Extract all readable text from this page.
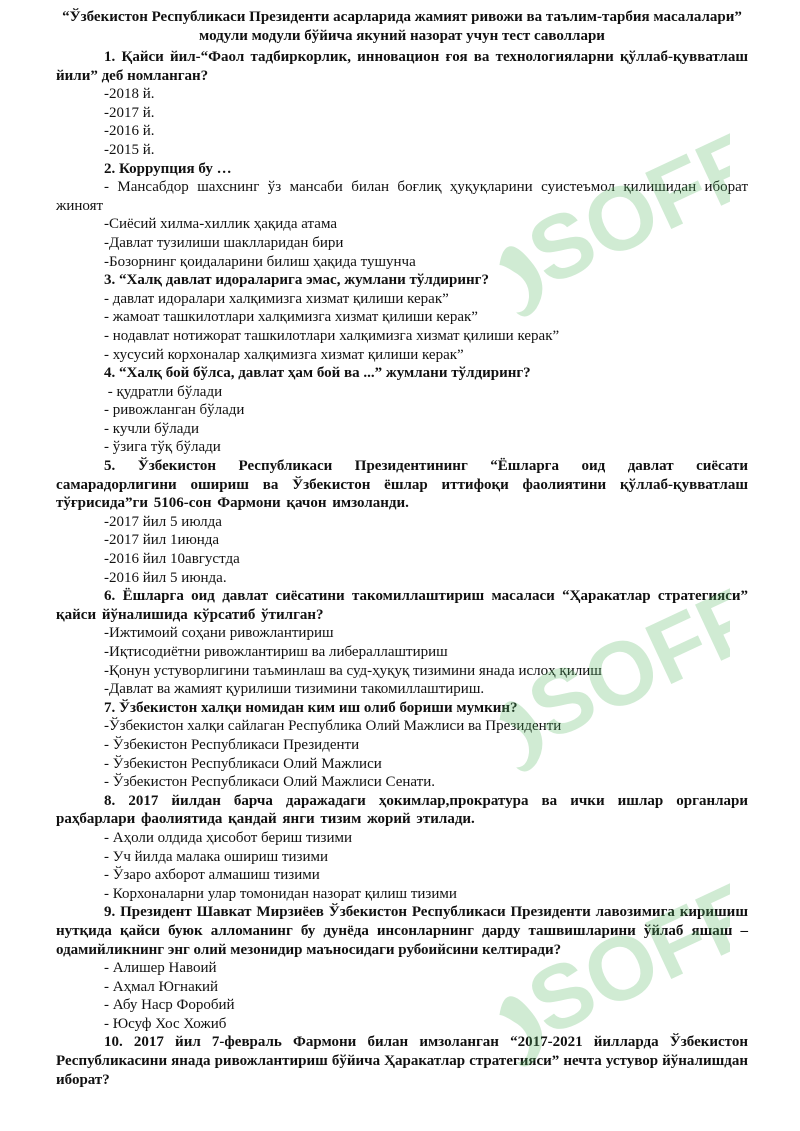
SOFF
SOFF
SOFF

“Ўзбекистон Республикаси Президенти асарларида жамият ривожи ва таълим-тарбия масалалари” модули модули бўйича якуний назорат учун тест саволлари

1. Қайси йил-“Фаол тадбиркорлик, инновацион ғоя ва технологияларни қўллаб-қувватлаш йили” деб номланган?

-2018 й.

-2017 й.

-2016 й.

-2015 й.

2. Коррупция бу …

- Мансабдор шахснинг ўз мансаби билан боғлиқ ҳуқуқларини суистеъмол қилишидан иборат жиноят

-Сиёсий хилма-хиллик ҳақида атама

-Давлат тузилиши шаклларидан бири

-Бозорнинг қоидаларини билиш ҳақида тушунча

3. “Халқ давлат идораларига эмас, жумлани тўлдиринг?

- давлат идоралари халқимизга хизмат қилиши керак”

- жамоат ташкилотлари халқимизга хизмат қилиши керак”

- нодавлат нотижорат ташкилотлари халқимизга хизмат қилиши керак”

- хусусий корхоналар халқимизга хизмат қилиши керак”

4. “Халқ бой бўлса, давлат ҳам бой ва ...” жумлани тўлдиринг?

- қудратли бўлади

- ривожланган бўлади

- кучли бўлади

- ўзига тўқ бўлади

5. Ўзбекистон Республикаси Президентининг “Ёшларга оид давлат сиёсати самарадорлигини ошириш ва Ўзбекистон ёшлар иттифоқи фаолиятини қўллаб-қувватлаш тўғрисида”ги 5106-сон Фармони қачон имзоланди.

-2017 йил 5 июлда

-2017 йил 1июнда

-2016 йил 10августда

-2016 йил 5 июнда.

6. Ёшларга оид давлат сиёсатини такомиллаштириш масаласи “Ҳаракатлар стратегияси” қайси йўналишида кўрсатиб ўтилган?

-Ижтимоий соҳани ривожлантириш

-Иқтисодиётни ривожлантириш ва либераллаштириш

-Қонун устуворлигини таъминлаш ва суд-ҳуқуқ тизимини янада ислоҳ қилиш

-Давлат ва жамият қурилиши тизимини такомиллаштириш.

7. Ўзбекистон халқи номидан ким иш олиб бориши мумкин?

-Ўзбекистон халқи сайлаган Республика Олий Мажлиси ва Президенти

- Ўзбекистон Республикаси Президенти

- Ўзбекистон Республикаси Олий Мажлиси

- Ўзбекистон Республикаси Олий Мажлиси Сенати.

8. 2017 йилдан барча даражадаги ҳокимлар,прократура ва ички ишлар органлари раҳбарлари фаолиятида қандай янги тизим жорий этилади.

- Аҳоли олдида ҳисобот бериш тизими

- Уч йилда малака ошириш тизими

- Ўзаро ахборот алмашиш тизими

- Корхоналарни улар томонидан назорат қилиш тизими

9. Президент Шавкат Мирзиёев Ўзбекистон Республикаси Президенти лавозимига киришиш нутқида қайси буюк алломанинг бу дунёда инсонларнинг дарду ташвишларини ўйлаб яшаш – одамийликнинг энг олий мезонидир маъносидаги рубоийсини келтиради?

- Алишер Навоий

- Аҳмал Югнакий

- Абу Наср Форобий

- Юсуф Хос Хожиб

10. 2017 йил 7-февраль Фармони билан имзоланган “2017-2021 йилларда Ўзбекистон Республикасини янада ривожлантириш бўйича Ҳаракатлар стратегияси” нечта устувор йўналишдан иборат?
